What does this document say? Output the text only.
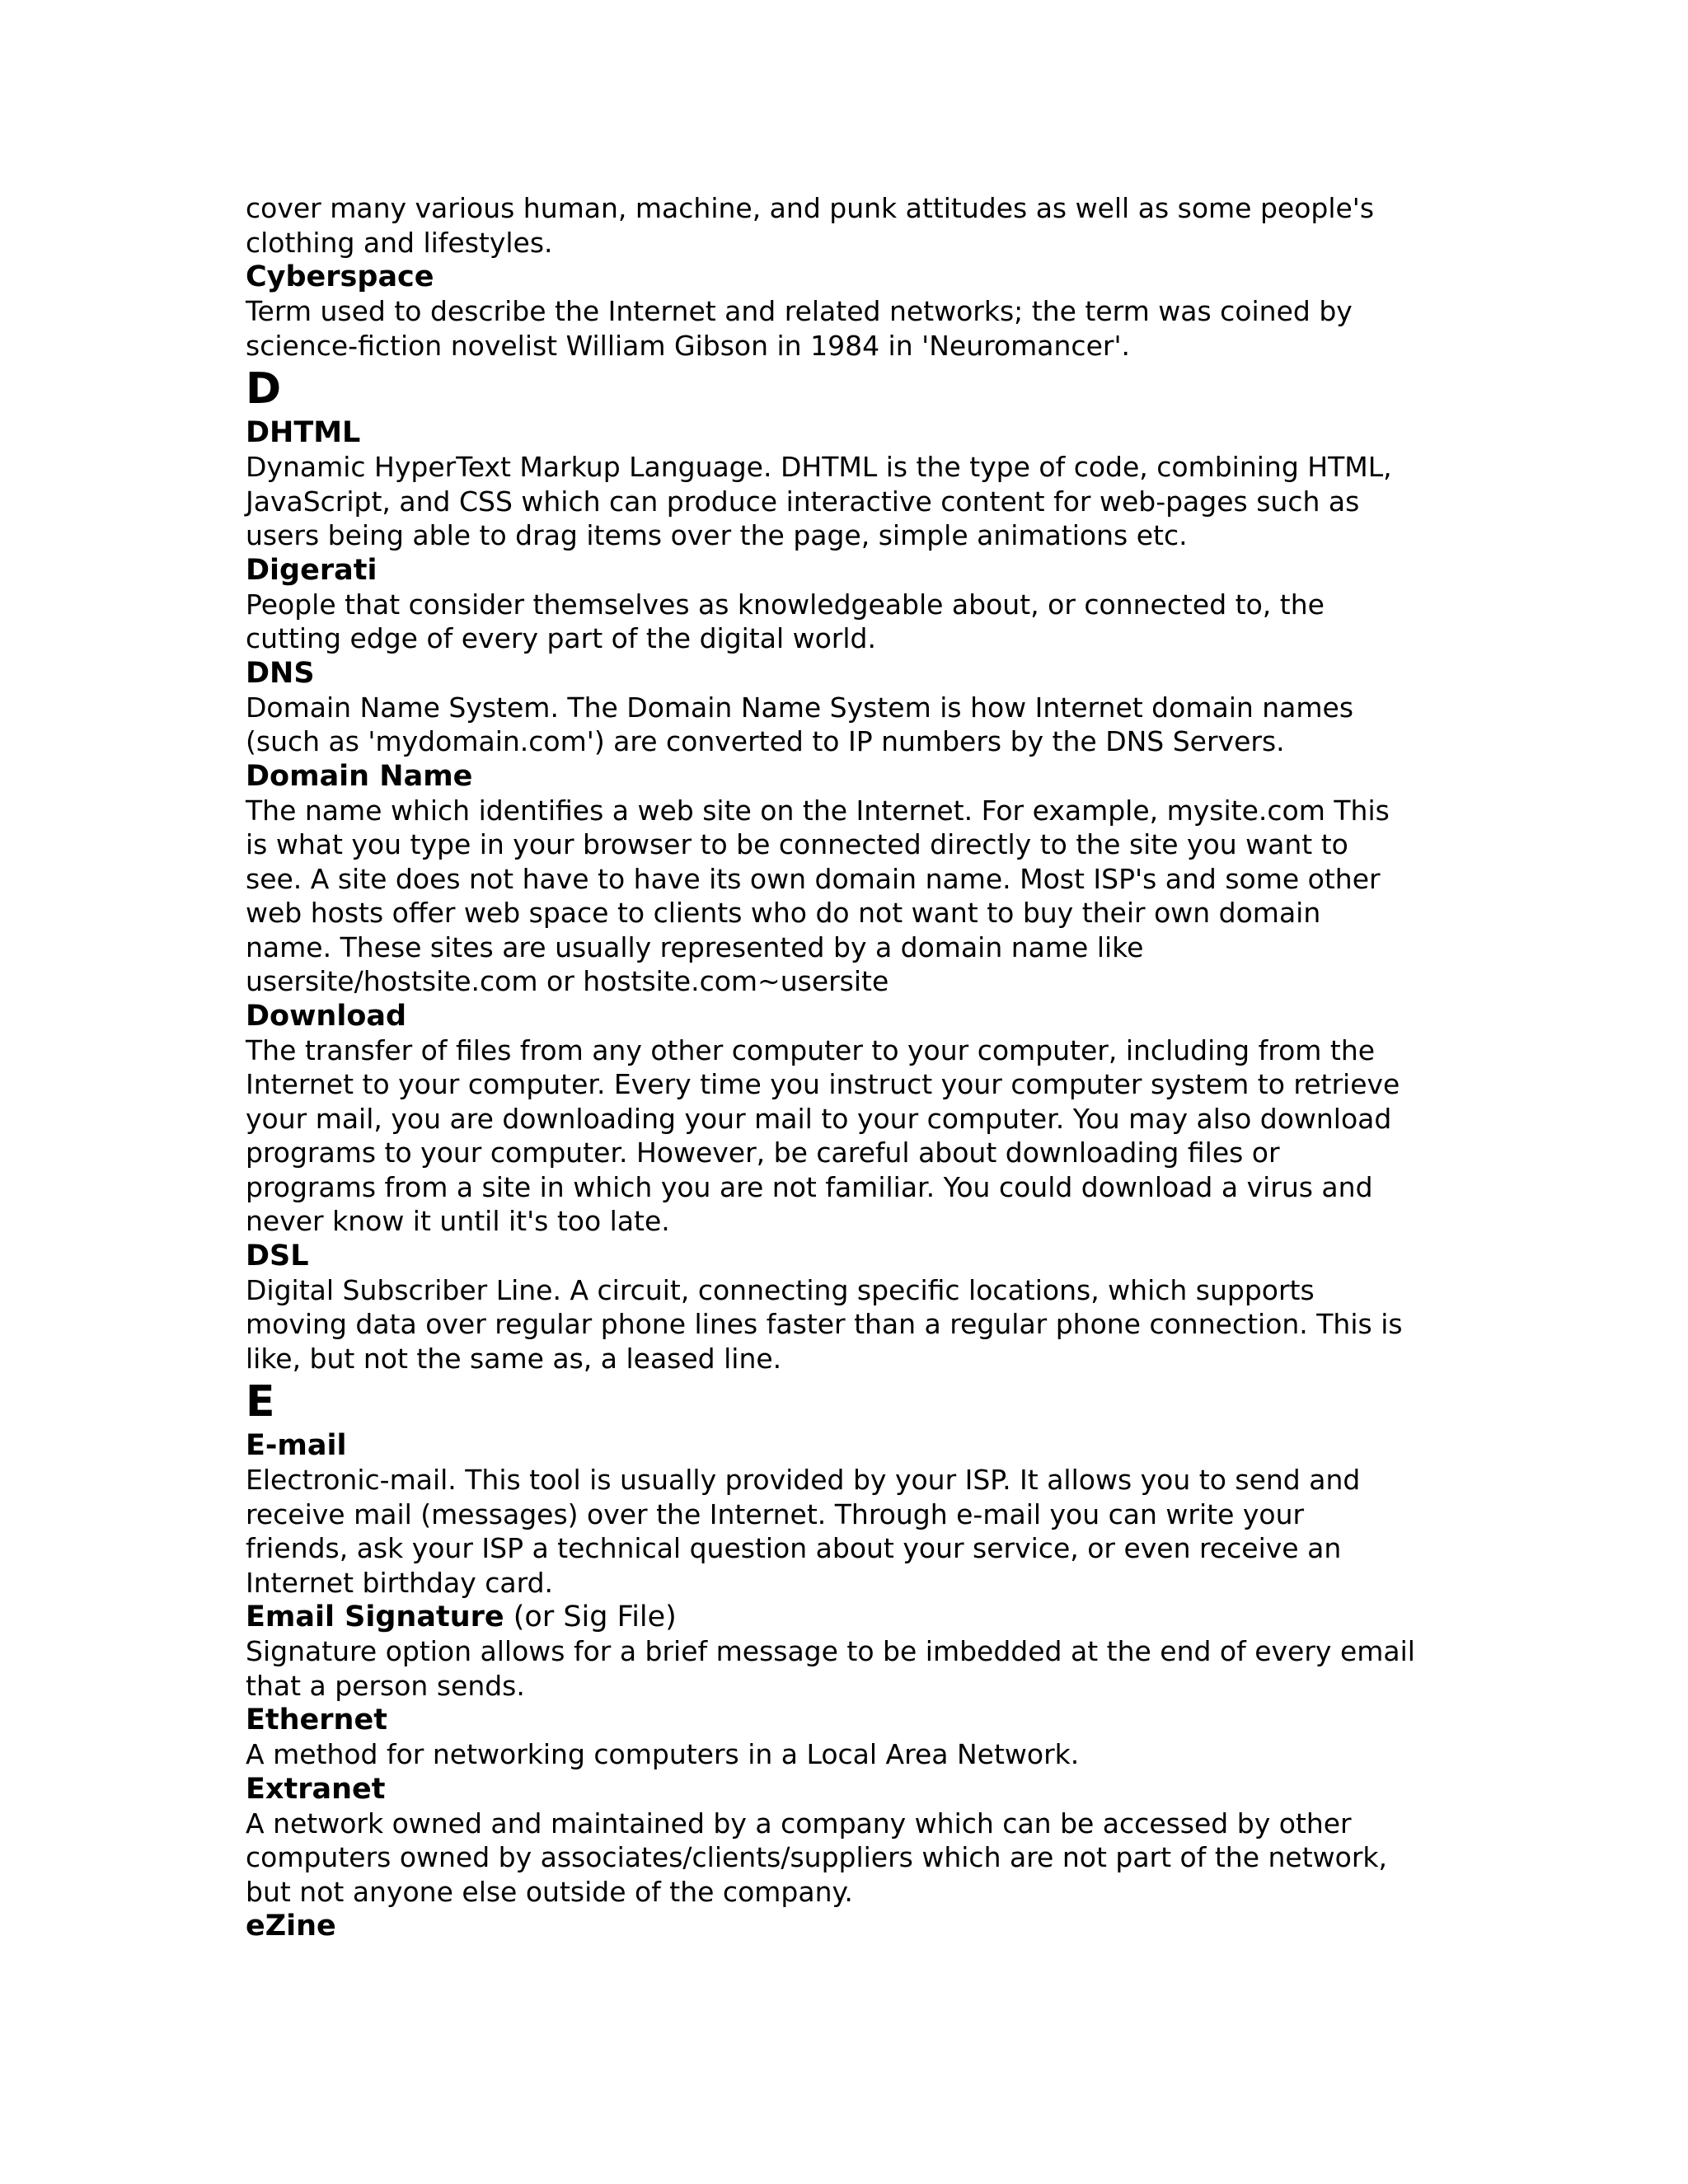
cover many various human, machine, and punk attitudes as well as some people's
clothing and lifestyles.
Cyberspace
Term used to describe the Internet and related networks; the term was coined by
science-fiction novelist William Gibson in 1984 in 'Neuromancer'.
D
DHTML
Dynamic HyperText Markup Language. DHTML is the type of code, combining HTML,
JavaScript, and CSS which can produce interactive content for web-pages such as
users being able to drag items over the page, simple animations etc.
Digerati
People that consider themselves as knowledgeable about, or connected to, the
cutting edge of every part of the digital world.
DNS
Domain Name System. The Domain Name System is how Internet domain names
(such as 'mydomain.com') are converted to IP numbers by the DNS Servers.
Domain Name
The name which identifies a web site on the Internet. For example, mysite.com This
is what you type in your browser to be connected directly to the site you want to
see. A site does not have to have its own domain name. Most ISP's and some other
web hosts offer web space to clients who do not want to buy their own domain
name. These sites are usually represented by a domain name like
usersite/hostsite.com or hostsite.com~usersite
Download
The transfer of files from any other computer to your computer, including from the
Internet to your computer. Every time you instruct your computer system to retrieve
your mail, you are downloading your mail to your computer. You may also download
programs to your computer. However, be careful about downloading files or
programs from a site in which you are not familiar. You could download a virus and
never know it until it's too late.
DSL
Digital Subscriber Line. A circuit, connecting specific locations, which supports
moving data over regular phone lines faster than a regular phone connection. This is
like, but not the same as, a leased line.
E
E-mail
Electronic-mail. This tool is usually provided by your ISP. It allows you to send and
receive mail (messages) over the Internet. Through e-mail you can write your
friends, ask your ISP a technical question about your service, or even receive an
Internet birthday card.
Email Signature (or Sig File)
Signature option allows for a brief message to be imbedded at the end of every email
that a person sends.
Ethernet
A method for networking computers in a Local Area Network.
Extranet
A network owned and maintained by a company which can be accessed by other
computers owned by associates/clients/suppliers which are not part of the network,
but not anyone else outside of the company.
eZine
